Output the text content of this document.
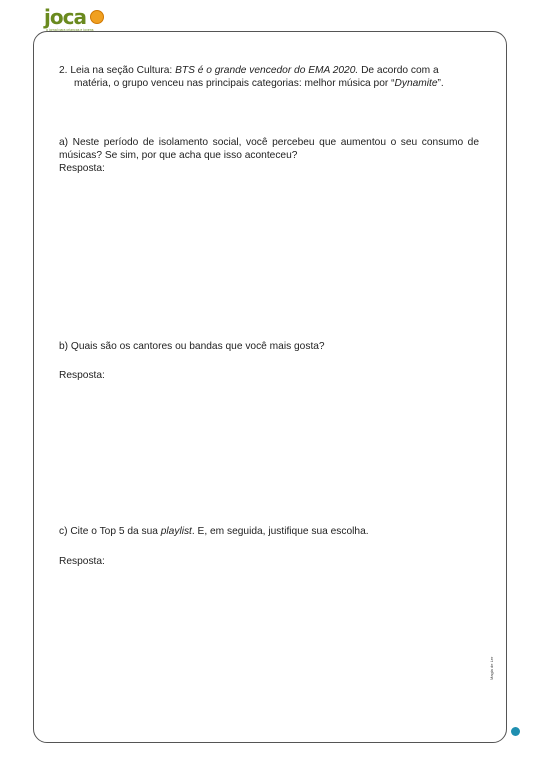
joca
o jornal para crianças e jovens
2. Leia na seção Cultura: BTS é o grande vencedor do EMA 2020. De acordo com a
matéria, o grupo venceu nas principais categorias: melhor música por “Dynamite”.
a) Neste período de isolamento social, você percebeu que aumentou o seu consumo de músicas? Se sim, por que acha que isso aconteceu?
Resposta:
b) Quais são os cantores ou bandas que você mais gosta?
Resposta:
c) Cite o Top 5 da sua playlist. E, em seguida, justifique sua escolha.
Resposta:
Magia de Ler
